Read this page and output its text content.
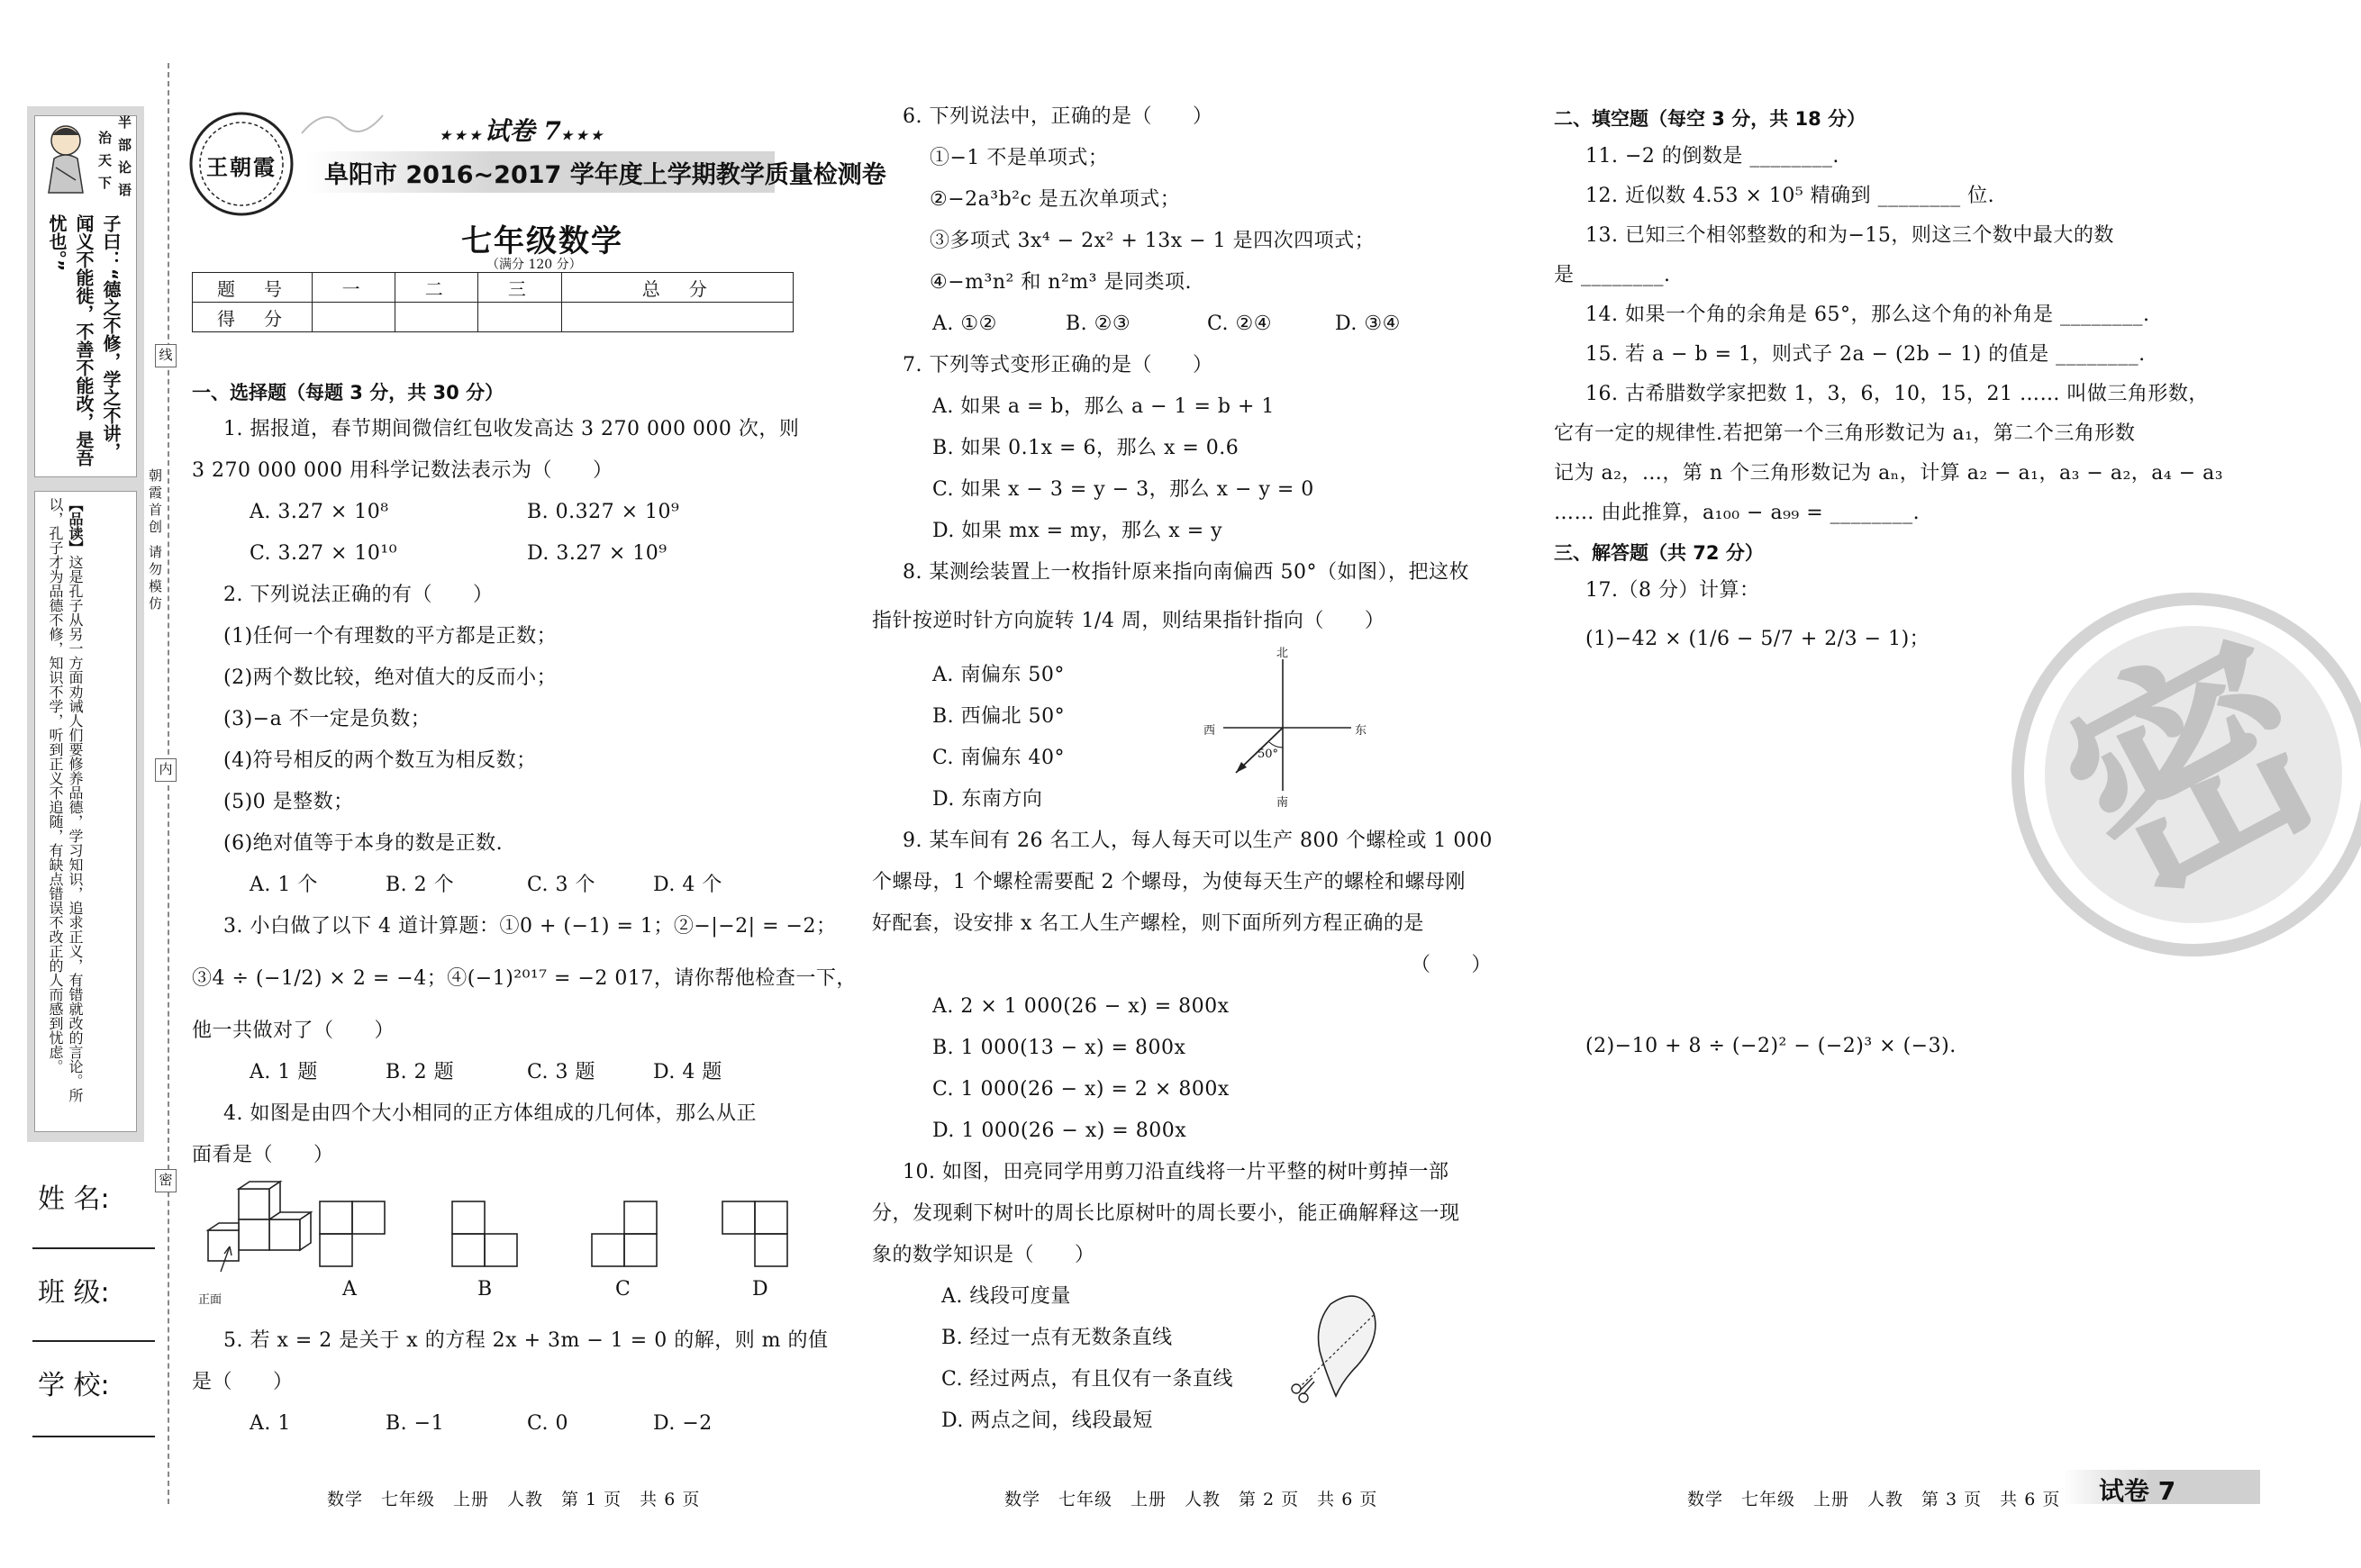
半部论语
治天下
子曰：“德之不修，学之不讲，闻义不能徙，不善不能改，是吾忧也。”
【品读】这是孔子从另一方面劝诫人们要修养品德，学习知识，追求正义，有错就改的言论。所以，孔子才为品德不修，知识不学，听到正义不追随，有缺点错误不改正的人而感到忧虑。
线
内
密
朝霞首创 请勿模仿
姓 名:
班 级:
学 校:
王朝霞
★★★试卷 7★★★
阜阳市 2016~2017 学年度上学期教学质量检测卷
七年级数学
（满分 120 分）
题　号	一	二	三	总　分
得　分				
一、选择题（每题 3 分，共 30 分）
1. 据报道，春节期间微信红包收发高达 3 270 000 000 次，则
3 270 000 000 用科学记数法表示为（　　）
A. 3.27 × 10⁸	B. 0.327 × 10⁹
C. 3.27 × 10¹⁰	D. 3.27 × 10⁹
2. 下列说法正确的有（　　）
(1)任何一个有理数的平方都是正数；
(2)两个数比较，绝对值大的反而小；
(3)−a 不一定是负数；
(4)符号相反的两个数互为相反数；
(5)0 是整数；
(6)绝对值等于本身的数是正数.
A. 1 个	B. 2 个	C. 3 个	D. 4 个
3. 小白做了以下 4 道计算题：①0 + (−1) = 1；②−|−2| = −2；
③4 ÷ (−1/2) × 2 = −4；④(−1)²⁰¹⁷ = −2 017，请你帮他检查一下，
他一共做对了（　　）
A. 1 题	B. 2 题	C. 3 题	D. 4 题
4. 如图是由四个大小相同的正方体组成的几何体，那么从正
面看是（　　）
正面	A	B	C	D
5. 若 x = 2 是关于 x 的方程 2x + 3m − 1 = 0 的解，则 m 的值
是（　　）
A. 1	B. −1	C. 0	D. −2
数学　七年级　上册　人教　第 1 页　共 6 页
6. 下列说法中，正确的是（　　）
①−1 不是单项式；
②−2a³b²c 是五次单项式；
③多项式 3x⁴ − 2x² + 13x − 1 是四次四项式；
④−m³n² 和 n²m³ 是同类项.
A. ①②	B. ②③	C. ②④	D. ③④
7. 下列等式变形正确的是（　　）
A. 如果 a = b，那么 a − 1 = b + 1
B. 如果 0.1x = 6，那么 x = 0.6
C. 如果 x − 3 = y − 3，那么 x − y = 0
D. 如果 mx = my，那么 x = y
8. 某测绘装置上一枚指针原来指向南偏西 50°（如图），把这枚
指针按逆时针方向旋转 1/4 周，则结果指针指向（　　）
A. 南偏东 50°
B. 西偏北 50°
C. 南偏东 40°
D. 东南方向
北
南
西	东
50°
9. 某车间有 26 名工人，每人每天可以生产 800 个螺栓或 1 000
个螺母，1 个螺栓需要配 2 个螺母，为使每天生产的螺栓和螺母刚
好配套，设安排 x 名工人生产螺栓，则下面所列方程正确的是
（　　）
A. 2 × 1 000(26 − x) = 800x
B. 1 000(13 − x) = 800x
C. 1 000(26 − x) = 2 × 800x
D. 1 000(26 − x) = 800x
10. 如图，田亮同学用剪刀沿直线将一片平整的树叶剪掉一部
分，发现剩下树叶的周长比原树叶的周长要小，能正确解释这一现
象的数学知识是（　　）
A. 线段可度量
B. 经过一点有无数条直线
C. 经过两点，有且仅有一条直线
D. 两点之间，线段最短
数学　七年级　上册　人教　第 2 页　共 6 页
密
二、填空题（每空 3 分，共 18 分）
11. −2 的倒数是 ________.
12. 近似数 4.53 × 10⁵ 精确到 ________ 位.
13. 已知三个相邻整数的和为−15，则这三个数中最大的数
是 ________.
14. 如果一个角的余角是 65°，那么这个角的补角是 ________.
15. 若 a − b = 1，则式子 2a − (2b − 1) 的值是 ________.
16. 古希腊数学家把数 1，3，6，10，15，21 …… 叫做三角形数，
它有一定的规律性.若把第一个三角形数记为 a₁，第二个三角形数
记为 a₂，…，第 n 个三角形数记为 aₙ，计算 a₂ − a₁，a₃ − a₂，a₄ − a₃
…… 由此推算，a₁₀₀ − a₉₉ = ________.
三、解答题（共 72 分）
17.（8 分）计算：
(1)−42 × (1/6 − 5/7 + 2/3 − 1)；
(2)−10 + 8 ÷ (−2)² − (−2)³ × (−3).
数学　七年级　上册　人教　第 3 页　共 6 页 试卷 7
